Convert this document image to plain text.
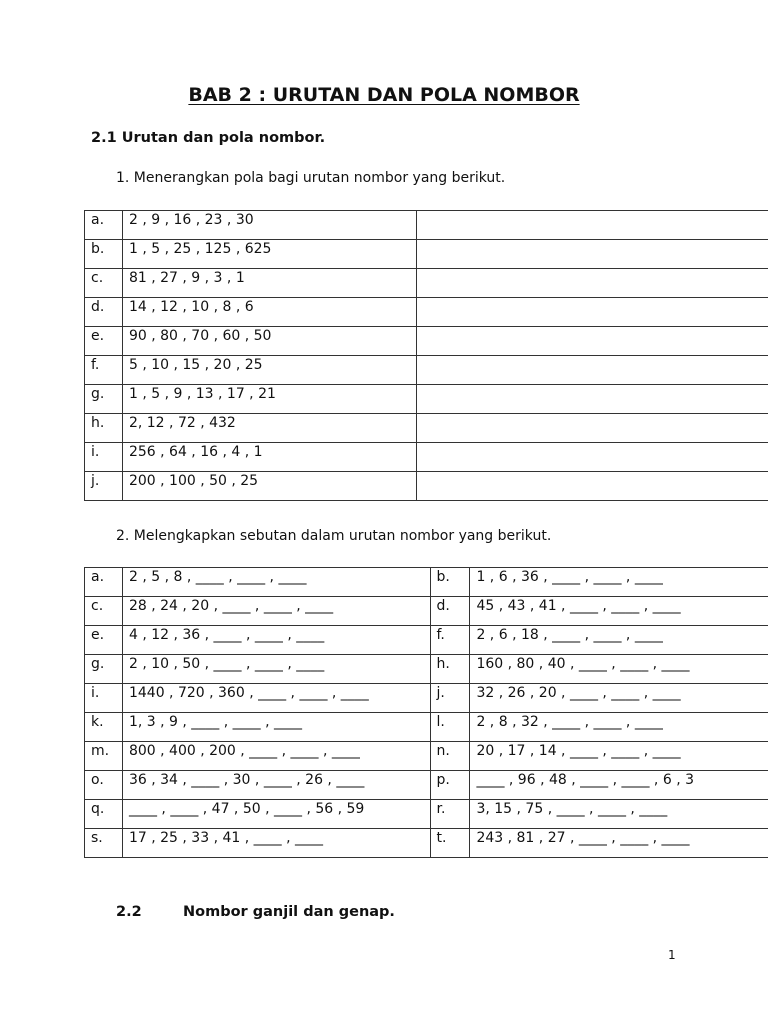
BAB 2 : URUTAN DAN POLA NOMBOR
2.1 Urutan dan pola nombor.
1. Menerangkan pola bagi urutan nombor yang berikut.
a.	2 , 9 , 16 , 23 , 30	
b.	1 , 5 , 25 , 125 , 625	
c.	81 , 27 , 9 , 3 , 1	
d.	14 , 12 , 10 , 8 , 6	
e.	90 , 80 , 70 , 60 , 50	
f.	5 , 10 , 15 , 20 , 25	
g.	1 , 5 , 9 , 13 , 17 , 21	
h.	2, 12 , 72 , 432	
i.	256 , 64 , 16 , 4 , 1	
j.	200 , 100 , 50 , 25	
2. Melengkapkan sebutan dalam urutan nombor yang berikut.
a.	2 , 5 , 8 , ____ , ____ , ____	b.	1 , 6 , 36 , ____ , ____ , ____
c.	28 , 24 , 20 , ____ , ____ , ____	d.	45 , 43 , 41 , ____ , ____ , ____
e.	4 , 12 , 36 , ____ , ____ , ____	f.	2 , 6 , 18 , ____ , ____ , ____
g.	2 , 10 , 50 , ____ , ____ , ____	h.	160 , 80 , 40 , ____ , ____ , ____
i.	1440 , 720 , 360 , ____ , ____ , ____	j.	32 , 26 , 20 , ____ , ____ , ____
k.	1, 3 , 9 , ____ , ____ , ____	l.	2 , 8 , 32 , ____ , ____ , ____
m.	800 , 400 , 200 , ____ , ____ , ____	n.	20 , 17 , 14 , ____ , ____ , ____
o.	36 , 34 , ____ , 30 , ____ , 26 , ____	p.	____ , 96 , 48 , ____ , ____ , 6 , 3
q.	____ , ____ , 47 , 50 , ____ , 56 , 59	r.	3, 15 , 75 , ____ , ____ , ____
s.	17 , 25 , 33 , 41 , ____ , ____	t.	243 , 81 , 27 , ____ , ____ , ____
2.2	Nombor ganjil dan genap.
1
